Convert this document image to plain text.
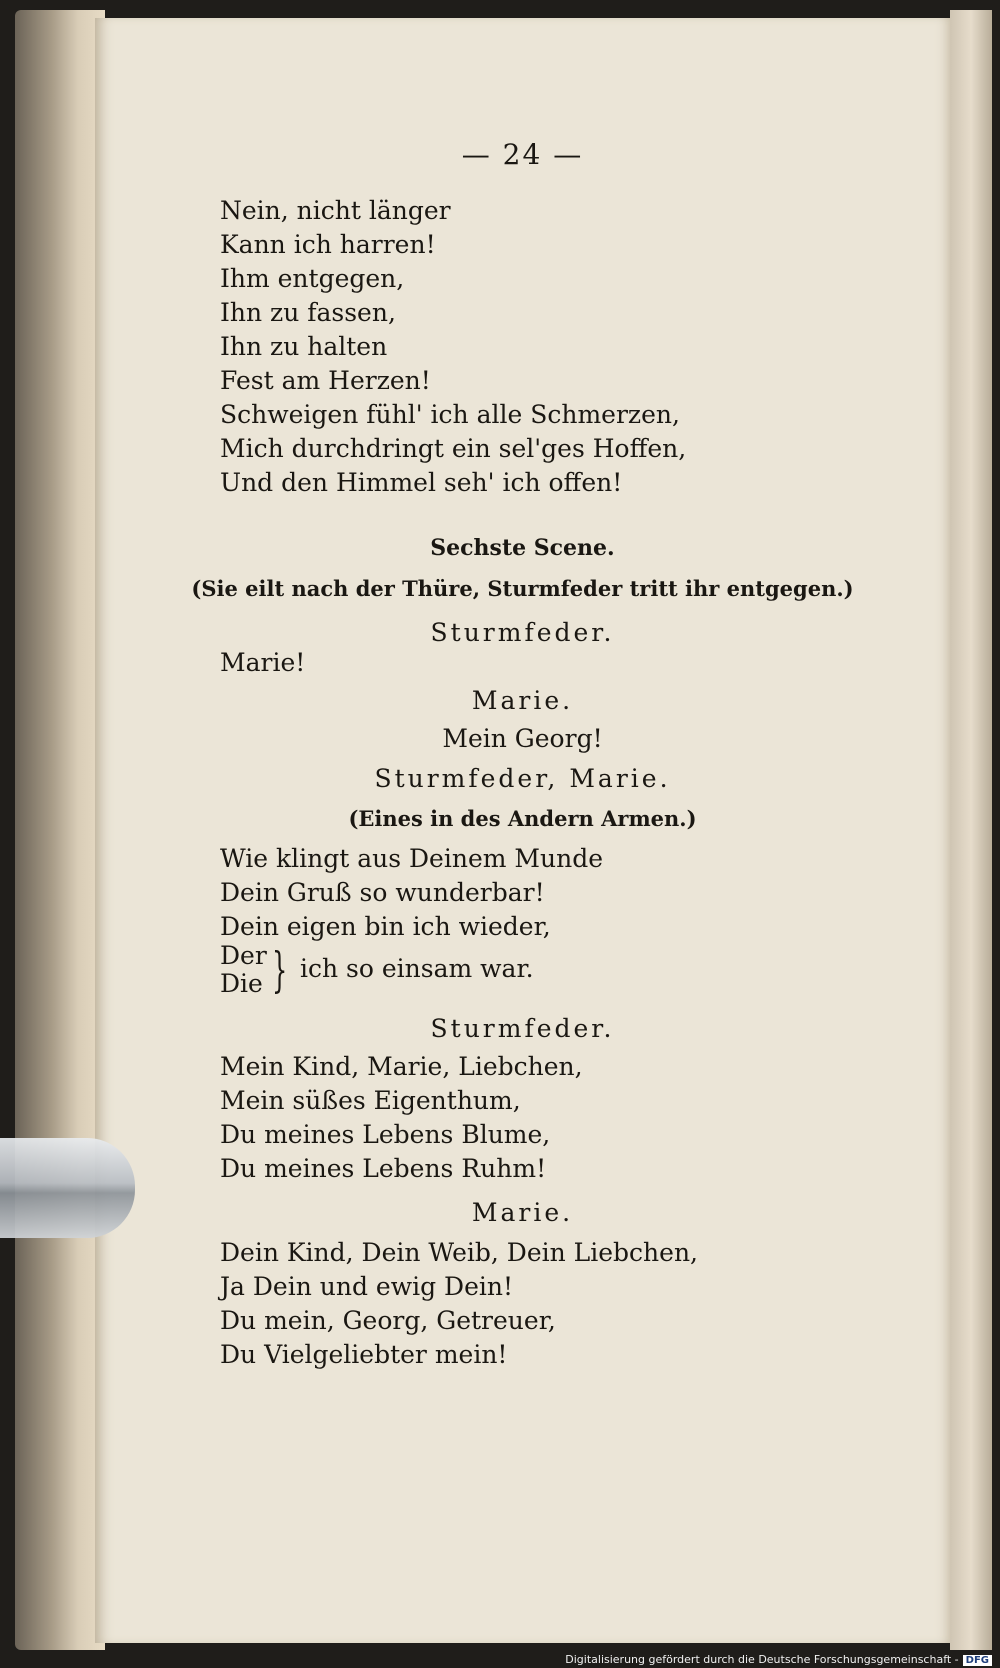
— 24 —
Nein, nicht länger
Kann ich harren!
Ihm entgegen,
Ihn zu fassen,
Ihn zu halten
Fest am Herzen!
Schweigen fühl' ich alle Schmerzen,
Mich durchdringt ein sel'ges Hoffen,
Und den Himmel seh' ich offen!
Sechste Scene.
(Sie eilt nach der Thüre, Sturmfeder tritt ihr entgegen.)
Sturmfeder.
Marie!
Marie.
Mein Georg!
Sturmfeder, Marie.
(Eines in des Andern Armen.)
Wie klingt aus Deinem Munde
Dein Gruß so wunderbar!
Dein eigen bin ich wieder,
Der
Die } ich so einsam war.
Sturmfeder.
Mein Kind, Marie, Liebchen,
Mein süßes Eigenthum,
Du meines Lebens Blume,
Du meines Lebens Ruhm!
Marie.
Dein Kind, Dein Weib, Dein Liebchen,
Ja Dein und ewig Dein!
Du mein, Georg, Getreuer,
Du Vielgeliebter mein!
Digitalisierung gefördert durch die Deutsche Forschungsgemeinschaft - DFG
